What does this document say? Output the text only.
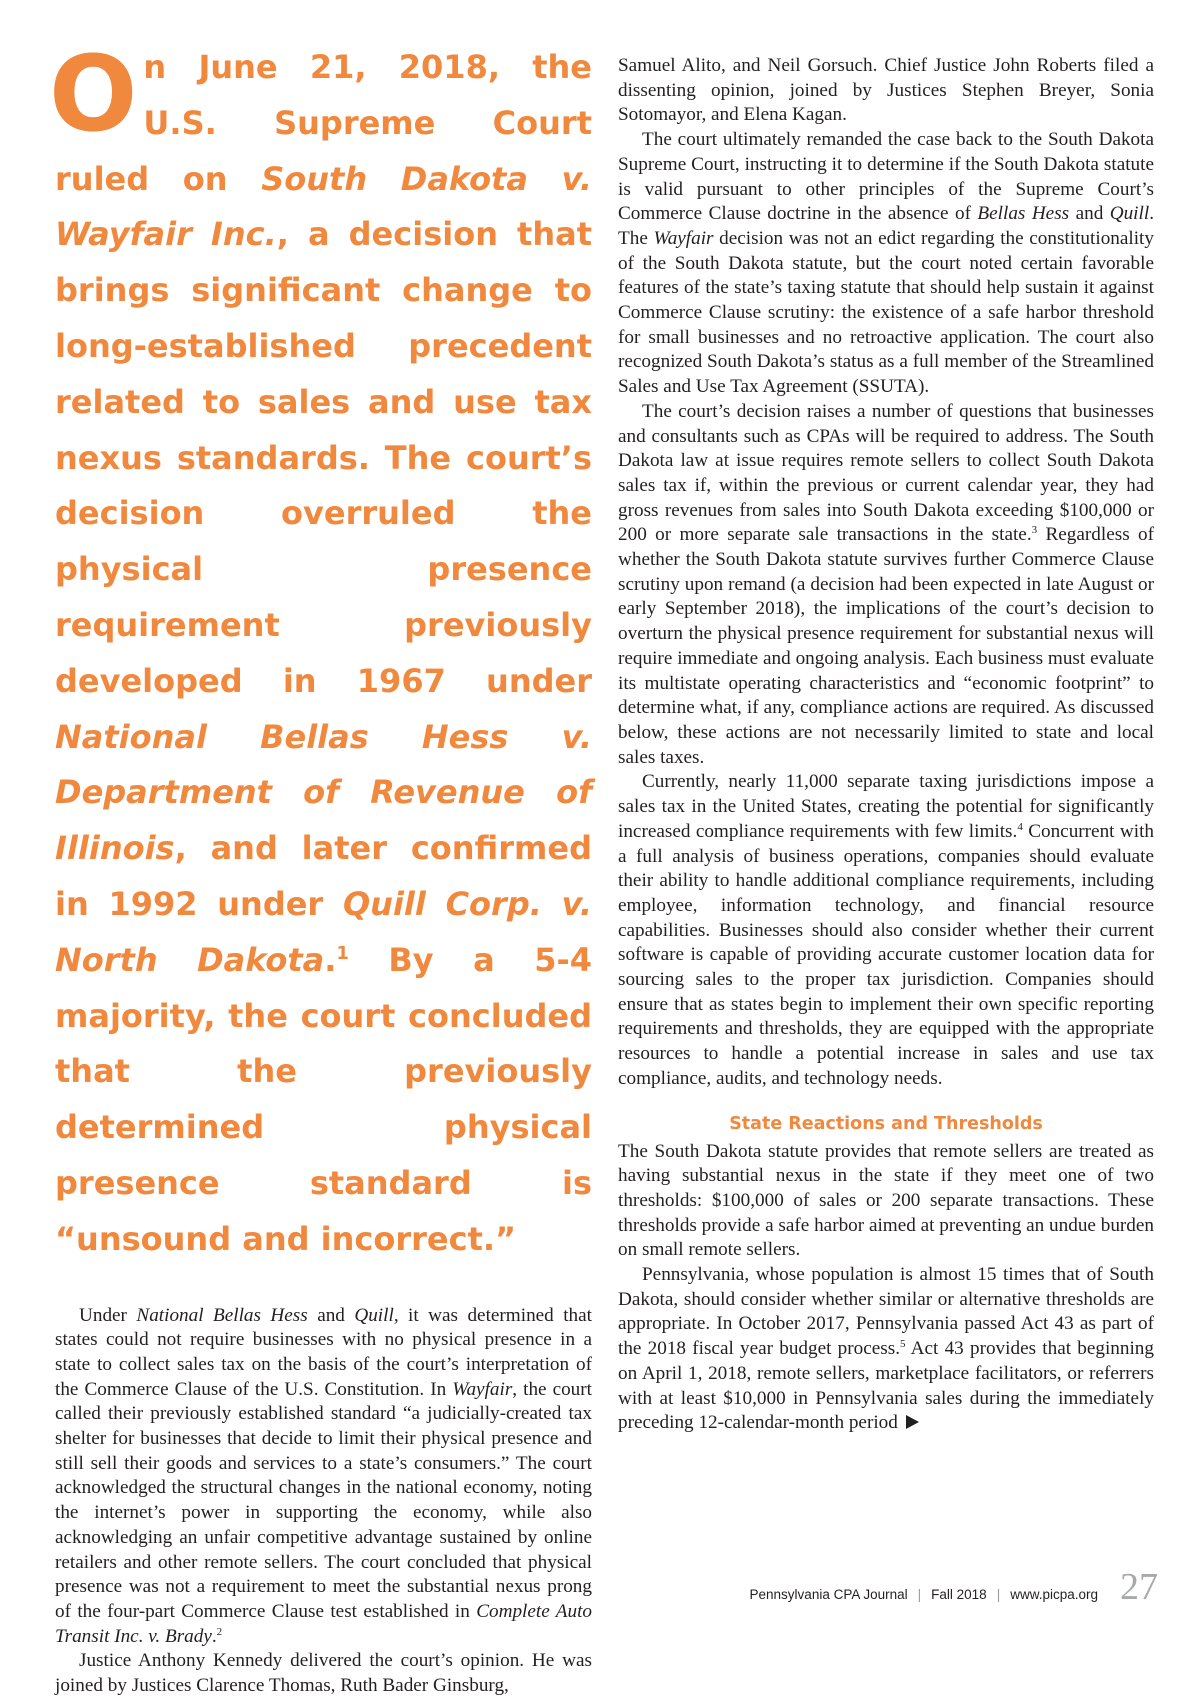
On June 21, 2018, the U.S. Supreme Court ruled on South Dakota v. Wayfair Inc., a decision that brings significant change to long-established precedent related to sales and use tax nexus standards. The court’s decision overruled the physical presence requirement previously developed in 1967 under National Bellas Hess v. Department of Revenue of Illinois, and later confirmed in 1992 under Quill Corp. v. North Dakota.$^1$ By a 5-4 majority, the court concluded that the previously determined physical presence standard is “unsound and incorrect.”

Under National Bellas Hess and Quill, it was determined that states could not require businesses with no physical presence in a state to collect sales tax on the basis of the court’s interpretation of the Commerce Clause of the U.S. Constitution. In Wayfair, the court called their previously established standard “a judicially-created tax shelter for businesses that decide to limit their physical presence and still sell their goods and services to a state’s consumers.” The court acknowledged the structural changes in the national economy, noting the internet’s power in supporting the economy, while also acknowledging an unfair competitive advantage sustained by online retailers and other remote sellers. The court concluded that physical presence was not a requirement to meet the substantial nexus prong of the four-part Commerce Clause test established in Complete Auto Transit Inc. v. Brady.$^2$

Justice Anthony Kennedy delivered the court’s opinion. He was joined by Justices Clarence Thomas, Ruth Bader Ginsburg,

Samuel Alito, and Neil Gorsuch. Chief Justice John Roberts filed a dissenting opinion, joined by Justices Stephen Breyer, Sonia Sotomayor, and Elena Kagan.

The court ultimately remanded the case back to the South Dakota Supreme Court, instructing it to determine if the South Dakota statute is valid pursuant to other principles of the Supreme Court’s Commerce Clause doctrine in the absence of Bellas Hess and Quill. The Wayfair decision was not an edict regarding the constitutionality of the South Dakota statute, but the court noted certain favorable features of the state’s taxing statute that should help sustain it against Commerce Clause scrutiny: the existence of a safe harbor threshold for small businesses and no retroactive application. The court also recognized South Dakota’s status as a full member of the Streamlined Sales and Use Tax Agreement (SSUTA).

The court’s decision raises a number of questions that businesses and consultants such as CPAs will be required to address. The South Dakota law at issue requires remote sellers to collect South Dakota sales tax if, within the previous or current calendar year, they had gross revenues from sales into South Dakota exceeding $100,000 or 200 or more separate sale transactions in the state.$^3$ Regardless of whether the South Dakota statute survives further Commerce Clause scrutiny upon remand (a decision had been expected in late August or early September 2018), the implications of the court’s decision to overturn the physical presence requirement for substantial nexus will require immediate and ongoing analysis. Each business must evaluate its multistate operating characteristics and “economic footprint” to determine what, if any, compliance actions are required. As discussed below, these actions are not necessarily limited to state and local sales taxes.

Currently, nearly 11,000 separate taxing jurisdictions impose a sales tax in the United States, creating the potential for significantly increased compliance requirements with few limits.$^4$ Concurrent with a full analysis of business operations, companies should evaluate their ability to handle additional compliance requirements, including employee, information technology, and financial resource capabilities. Businesses should also consider whether their current software is capable of providing accurate customer location data for sourcing sales to the proper tax jurisdiction. Companies should ensure that as states begin to implement their own specific reporting requirements and thresholds, they are equipped with the appropriate resources to handle a potential increase in sales and use tax compliance, audits, and technology needs.

State Reactions and Thresholds

The South Dakota statute provides that remote sellers are treated as having substantial nexus in the state if they meet one of two thresholds: $100,000 of sales or 200 separate transactions. These thresholds provide a safe harbor aimed at preventing an undue burden on small remote sellers.

Pennsylvania, whose population is almost 15 times that of South Dakota, should consider whether similar or alternative thresholds are appropriate. In October 2017, Pennsylvania passed Act 43 as part of the 2018 fiscal year budget process.$^5$ Act 43 provides that beginning on April 1, 2018, remote sellers, marketplace facilitators, or referrers with at least $10,000 in Pennsylvania sales during the immediately preceding 12-calendar-month period

Pennsylvania CPA Journal | Fall 2018 | www.picpa.org 27
